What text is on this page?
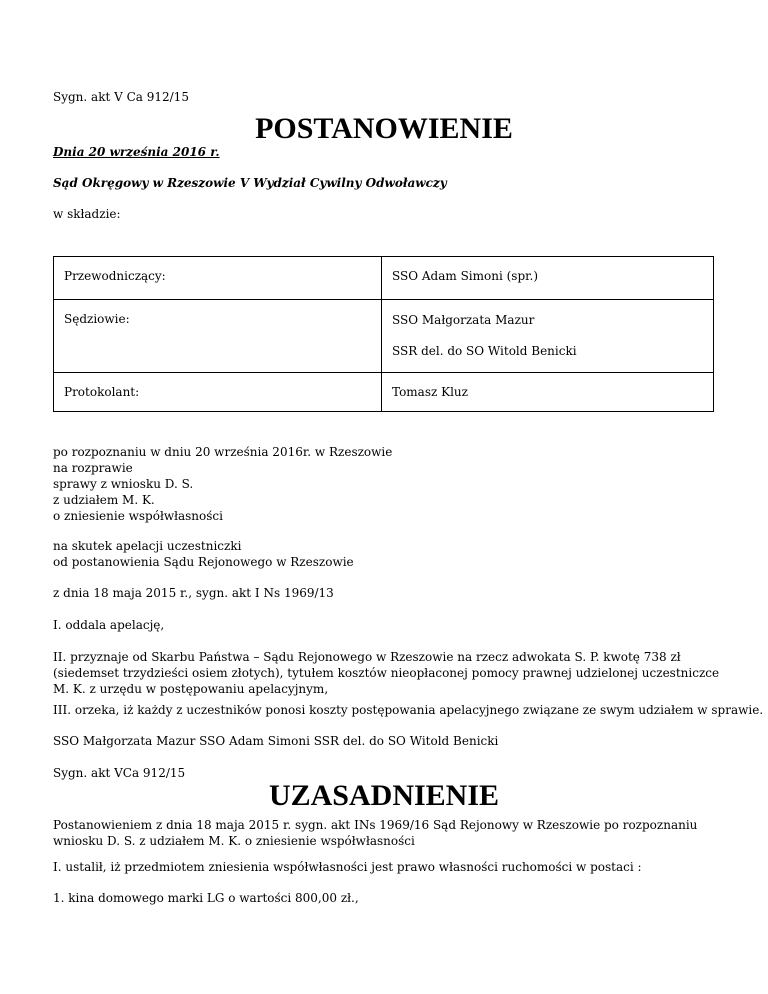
Sygn. akt V Ca 912/15

POSTANOWIENIE

Dnia 20 września 2016 r.

Sąd Okręgowy w Rzeszowie V Wydział Cywilny Odwoławczy

w składzie:

Przewodniczący:	SSO Adam Simoni (spr.)
Sędziowie:	SSO Małgorzata Mazur
SSR del. do SO Witold Benicki

Protokolant:	Tomasz Kluz

po rozpoznaniu w dniu 20 września 2016r. w Rzeszowie

na rozprawie

sprawy z wniosku D. S.

z udziałem M. K.

o zniesienie współwłasności

na skutek apelacji uczestniczki

od postanowienia Sądu Rejonowego w Rzeszowie

z dnia 18 maja 2015 r., sygn. akt I Ns 1969/13

I. oddala apelację,

II. przyznaje od Skarbu Państwa – Sądu Rejonowego w Rzeszowie na rzecz adwokata S. P. kwotę 738 zł (siedemset trzydzieści osiem złotych), tytułem kosztów nieopłaconej pomocy prawnej udzielonej uczestniczce M. K. z urzędu w postępowaniu apelacyjnym,

III. orzeka, iż każdy z uczestników ponosi koszty postępowania apelacyjnego związane ze swym udziałem w sprawie.

SSO Małgorzata Mazur SSO Adam Simoni SSR del. do SO Witold Benicki

Sygn. akt VCa 912/15

UZASADNIENIE

Postanowieniem z dnia 18 maja 2015 r. sygn. akt INs 1969/16 Sąd Rejonowy w Rzeszowie po rozpoznaniu wniosku D. S. z udziałem M. K. o zniesienie współwłasności

I. ustalił, iż przedmiotem zniesienia współwłasności jest prawo własności ruchomości w postaci :

1. kina domowego marki LG o wartości 800,00 zł.,
